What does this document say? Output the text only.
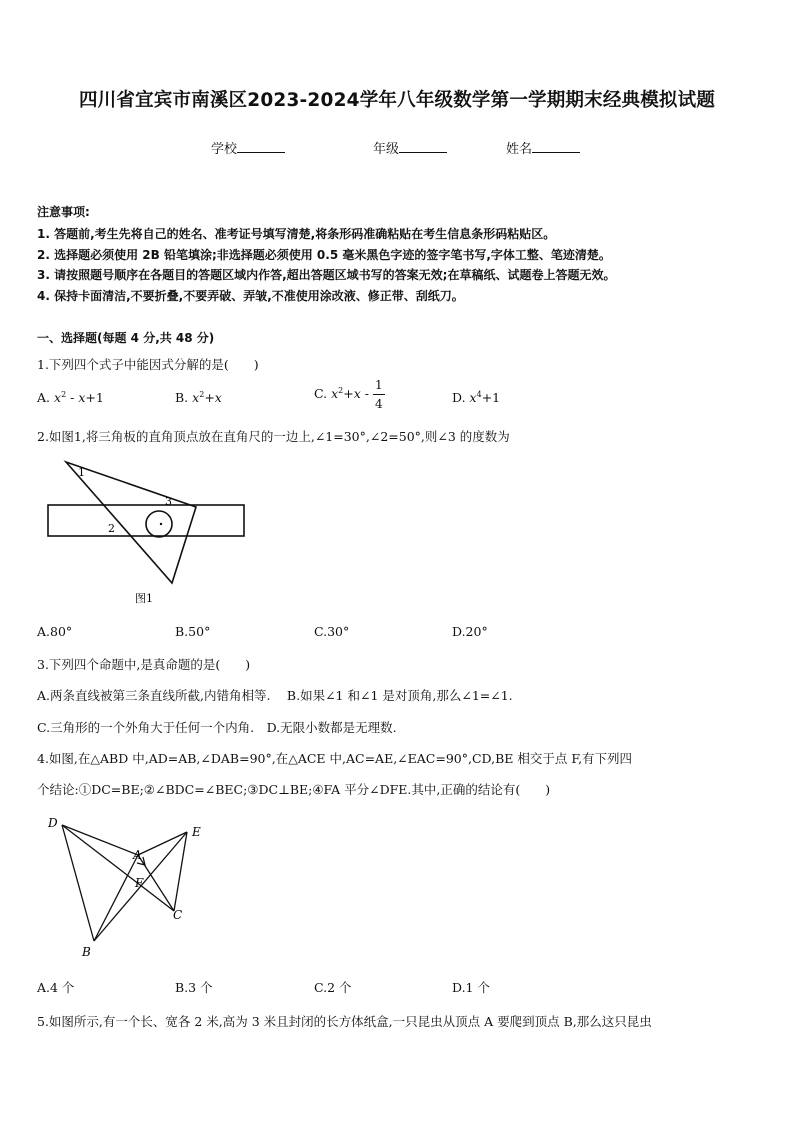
四川省宜宾市南溪区2023-2024学年八年级数学第一学期期末经典模拟试题
学校	年级	姓名
注意事项:
1. 答题前,考生先将自己的姓名、准考证号填写清楚,将条形码准确粘贴在考生信息条形码粘贴区。
2. 选择题必须使用 2B 铅笔填涂;非选择题必须使用 0.5 毫米黑色字迹的签字笔书写,字体工整、笔迹清楚。
3. 请按照题号顺序在各题目的答题区域内作答,超出答题区域书写的答案无效;在草稿纸、试题卷上答题无效。
4. 保持卡面清洁,不要折叠,不要弄破、弄皱,不准使用涂改液、修正带、刮纸刀。
一、选择题(每题 4 分,共 48 分)
1.下列四个式子中能因式分解的是(　　)
A. $x^2 - x+1$	B. $x^2+x$	C. $x^2+x - \frac{1}{4}$	D. $x^4+1$
2.如图1,将三角板的直角顶点放在直角尺的一边上,∠1=30°,∠2=50°,则∠3 的度数为
1
2
3
图1
A.80°	B.50°	C.30°	D.20°
3.下列四个命题中,是真命题的是(　　)
A.两条直线被第三条直线所截,内错角相等.　 B.如果∠1 和∠1 是对顶角,那么∠1=∠1.
C.三角形的一个外角大于任何一个内角.　D.无限小数都是无理数.
4.如图,在△ABD 中,AD=AB,∠DAB=90°,在△ACE 中,AC=AE,∠EAC=90°,CD,BE 相交于点 F,有下列四
个结论:①DC=BE;②∠BDC=∠BEC;③DC⊥BE;④FA 平分∠DFE.其中,正确的结论有(　　)
D
E
A
F
B
C
A.4 个	B.3 个	C.2 个	D.1 个
5.如图所示,有一个长、宽各 2 米,高为 3 米且封闭的长方体纸盒,一只昆虫从顶点 A 要爬到顶点 B,那么这只昆虫
